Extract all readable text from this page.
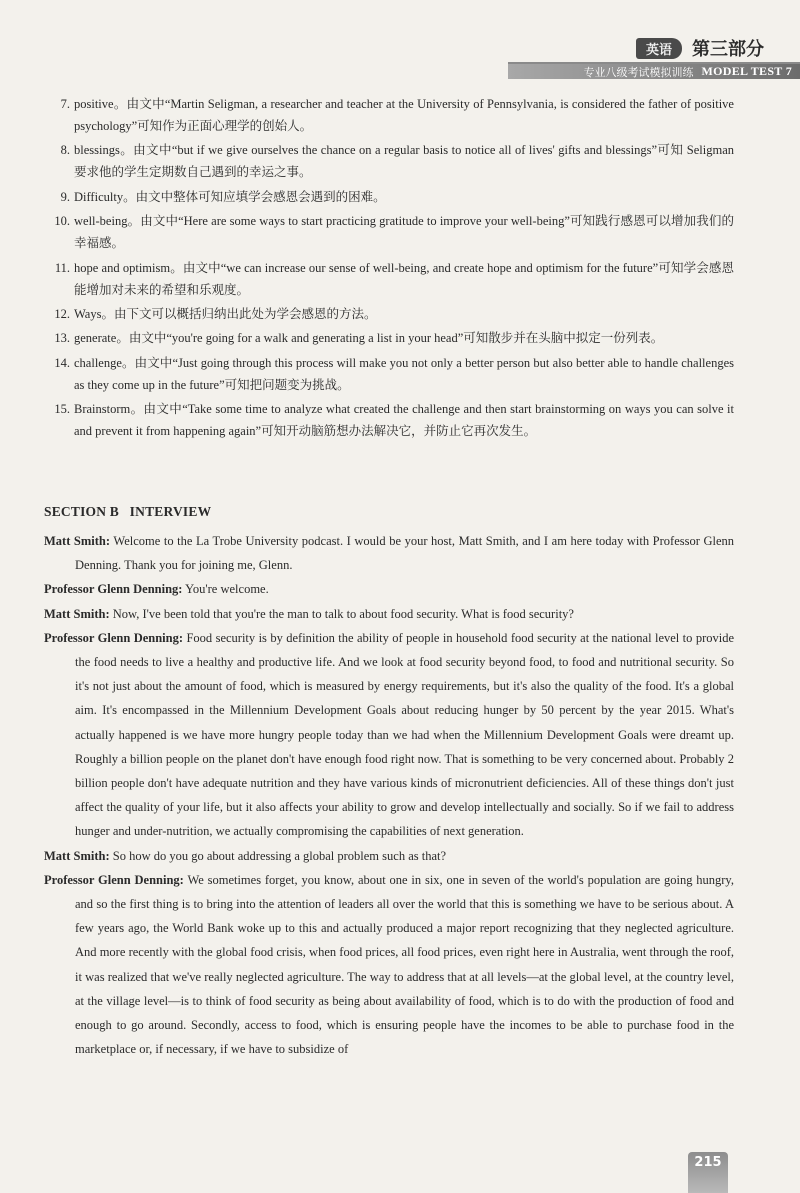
英语	第三部分
专业八级考试模拟训练 MODEL TEST 7
7. positive。由文中“Martin Seligman, a researcher and teacher at the University of Pennsylvania, is considered the father of positive psychology”可知作为正面心理学的创始人。
8. blessings。由文中“but if we give ourselves the chance on a regular basis to notice all of lives' gifts and blessings”可知 Seligman 要求他的学生定期数自己遇到的幸运之事。
9. Difficulty。由文中整体可知应填学会感恩会遇到的困难。
10. well-being。由文中“Here are some ways to start practicing gratitude to improve your well-being”可知践行感恩可以增加我们的幸福感。
11. hope and optimism。由文中“we can increase our sense of well-being, and create hope and optimism for the future”可知学会感恩能增加对未来的希望和乐观度。
12. Ways。由下文可以概括归纳出此处为学会感恩的方法。
13. generate。由文中“you're going for a walk and generating a list in your head”可知散步并在头脑中拟定一份列表。
14. challenge。由文中“Just going through this process will make you not only a better person but also better able to handle challenges as they come up in the future”可知把问题变为挑战。
15. Brainstorm。由文中“Take some time to analyze what created the challenge and then start brainstorming on ways you can solve it and prevent it from happening again”可知开动脑筋想办法解决它，并防止它再次发生。
SECTION B   INTERVIEW
Matt Smith: Welcome to the La Trobe University podcast. I would be your host, Matt Smith, and I am here today with Professor Glenn Denning. Thank you for joining me, Glenn.
Professor Glenn Denning: You're welcome.
Matt Smith: Now, I've been told that you're the man to talk to about food security. What is food security?
Professor Glenn Denning: Food security is by definition the ability of people in household food security at the national level to provide the food needs to live a healthy and productive life. And we look at food security beyond food, to food and nutritional security. So it's not just about the amount of food, which is measured by energy requirements, but it's also the quality of the food. It's a global aim. It's encompassed in the Millennium Development Goals about reducing hunger by 50 percent by the year 2015. What's actually happened is we have more hungry people today than we had when the Millennium Development Goals were dreamt up. Roughly a billion people on the planet don't have enough food right now. That is something to be very concerned about. Probably 2 billion people don't have adequate nutrition and they have various kinds of micronutrient deficiencies. All of these things don't just affect the quality of your life, but it also affects your ability to grow and develop intellectually and socially. So if we fail to address hunger and under-nutrition, we actually compromising the capabilities of next generation.
Matt Smith: So how do you go about addressing a global problem such as that?
Professor Glenn Denning: We sometimes forget, you know, about one in six, one in seven of the world's population are going hungry, and so the first thing is to bring into the attention of leaders all over the world that this is something we have to be serious about. A few years ago, the World Bank woke up to this and actually produced a major report recognizing that they neglected agriculture. And more recently with the global food crisis, when food prices, all food prices, even right here in Australia, went through the roof, it was realized that we've really neglected agriculture. The way to address that at all levels—at the global level, at the country level, at the village level—is to think of food security as being about availability of food, which is to do with the production of food and enough to go around. Secondly, access to food, which is ensuring people have the incomes to be able to purchase food in the marketplace or, if necessary, if we have to subsidize of
215
